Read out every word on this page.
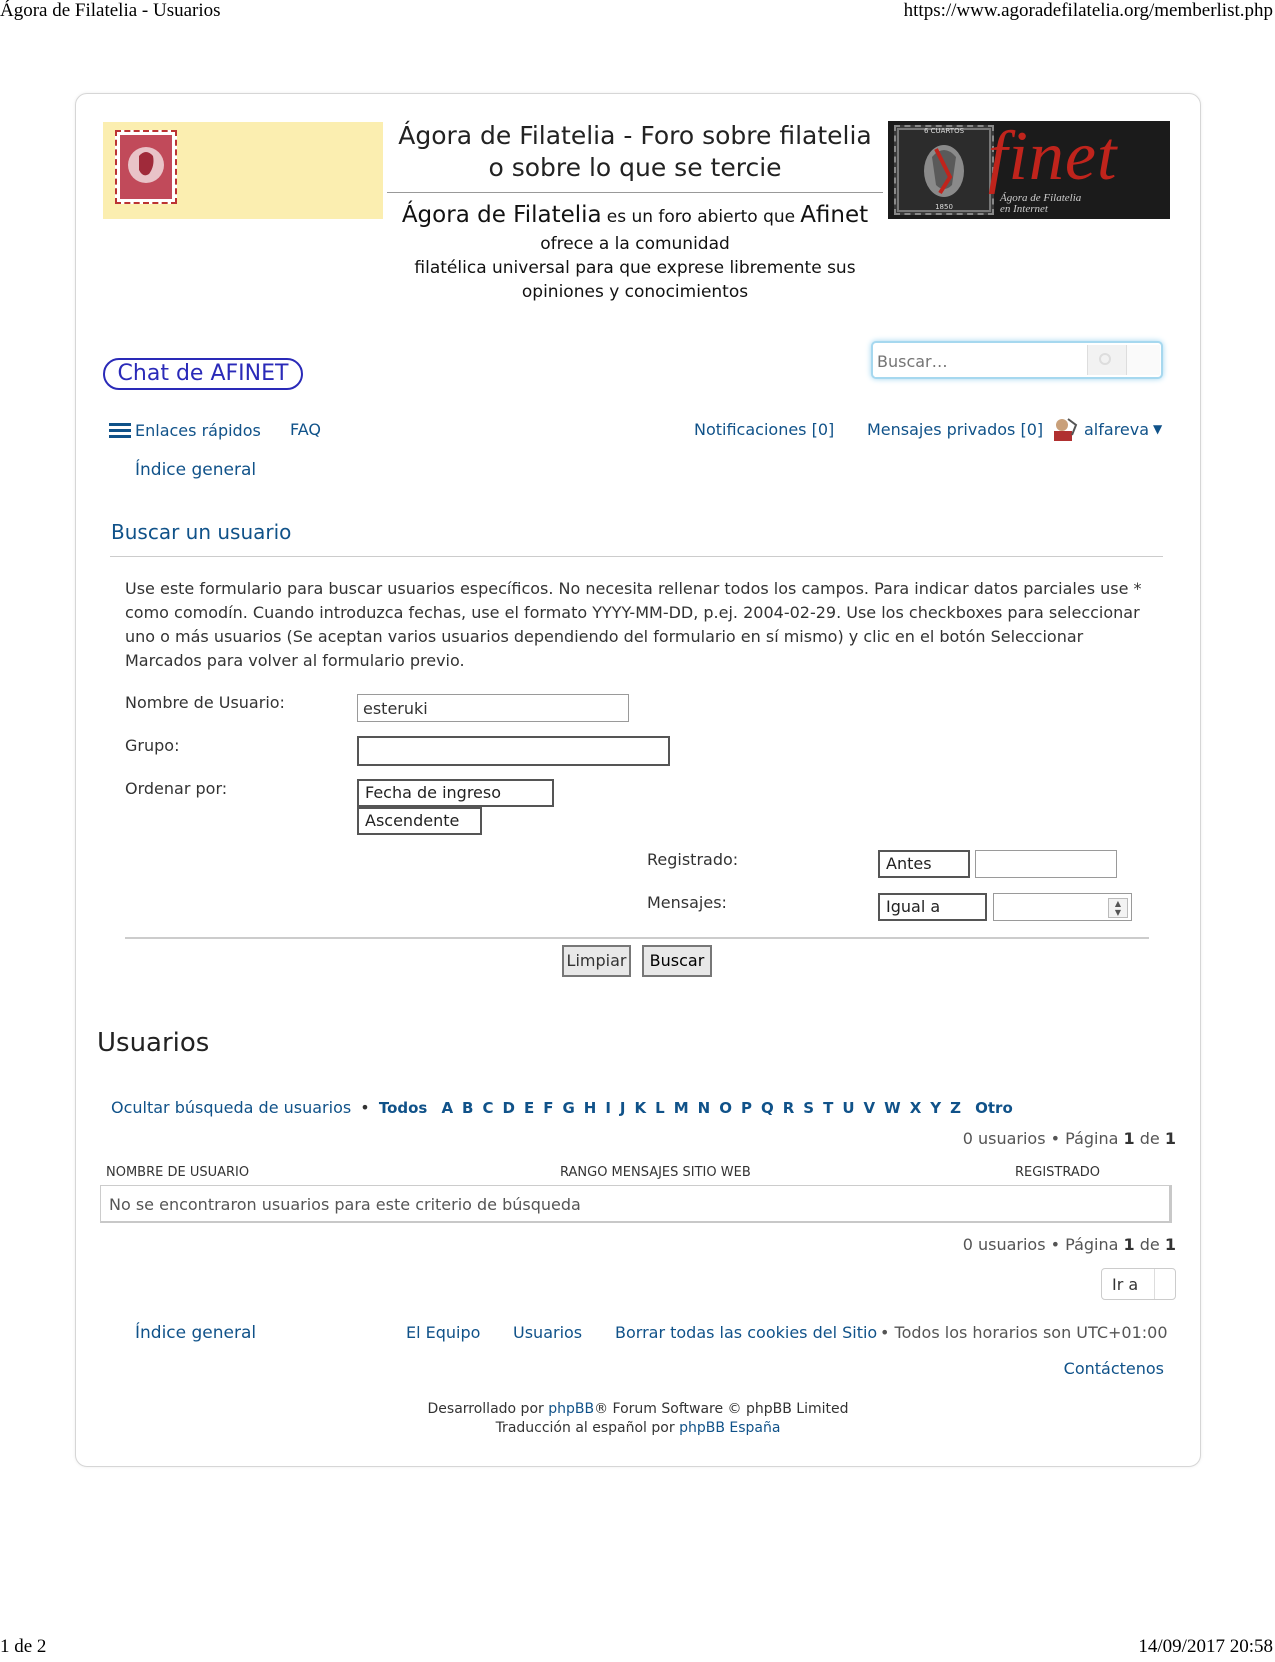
Ágora de Filatelia - Usuarios	https://www.agoradefilatelia.org/memberlist.php
Ágora de Filatelia - Foro sobre filatelia
o sobre lo que se tercie
Ágora de Filatelia es un foro abierto que Afinet
ofrece a la comunidad
filatélica universal para que exprese libremente sus
opiniones y conocimientos
6 CUARTOS
1850
finet
Ágora de Filatelia
en Internet
Chat de AFINET
Buscar…
Enlaces rápidos FAQ	Notificaciones [0] Mensajes privados [0]	alfareva ▼
Índice general
Buscar un usuario
Use este formulario para buscar usuarios específicos. No necesita rellenar todos los campos. Para indicar datos parciales use * como comodín. Cuando introduzca fechas, use el formato YYYY-MM-DD, p.ej. 2004-02-29. Use los checkboxes para seleccionar uno o más usuarios (Se aceptan varios usuarios dependiendo del formulario en sí mismo) y clic en el botón Seleccionar Marcados para volver al formulario previo.
Nombre de Usuario:
esteruki
Grupo:
Ordenar por:	Fecha de ingreso
Ascendente
Registrado:	Antes
Mensajes:	Igual a	▲
▼
Limpiar	Buscar
Usuarios
Ocultar búsqueda de usuarios • Todos A B C D E F G H I J K L M N O P Q R S T U V W X Y Z Otro
0 usuarios • Página 1 de 1
NOMBRE DE USUARIO	RANGO MENSAJES SITIO WEB	REGISTRADO
No se encontraron usuarios para este criterio de búsqueda
0 usuarios • Página 1 de 1
Ir a
Índice general	El Equipo Usuarios Borrar todas las cookies del Sitio • Todos los horarios son UTC+01:00
Contáctenos
Desarrollado por phpBB® Forum Software © phpBB Limited
Traducción al español por phpBB España
1 de 2	14/09/2017 20:58
